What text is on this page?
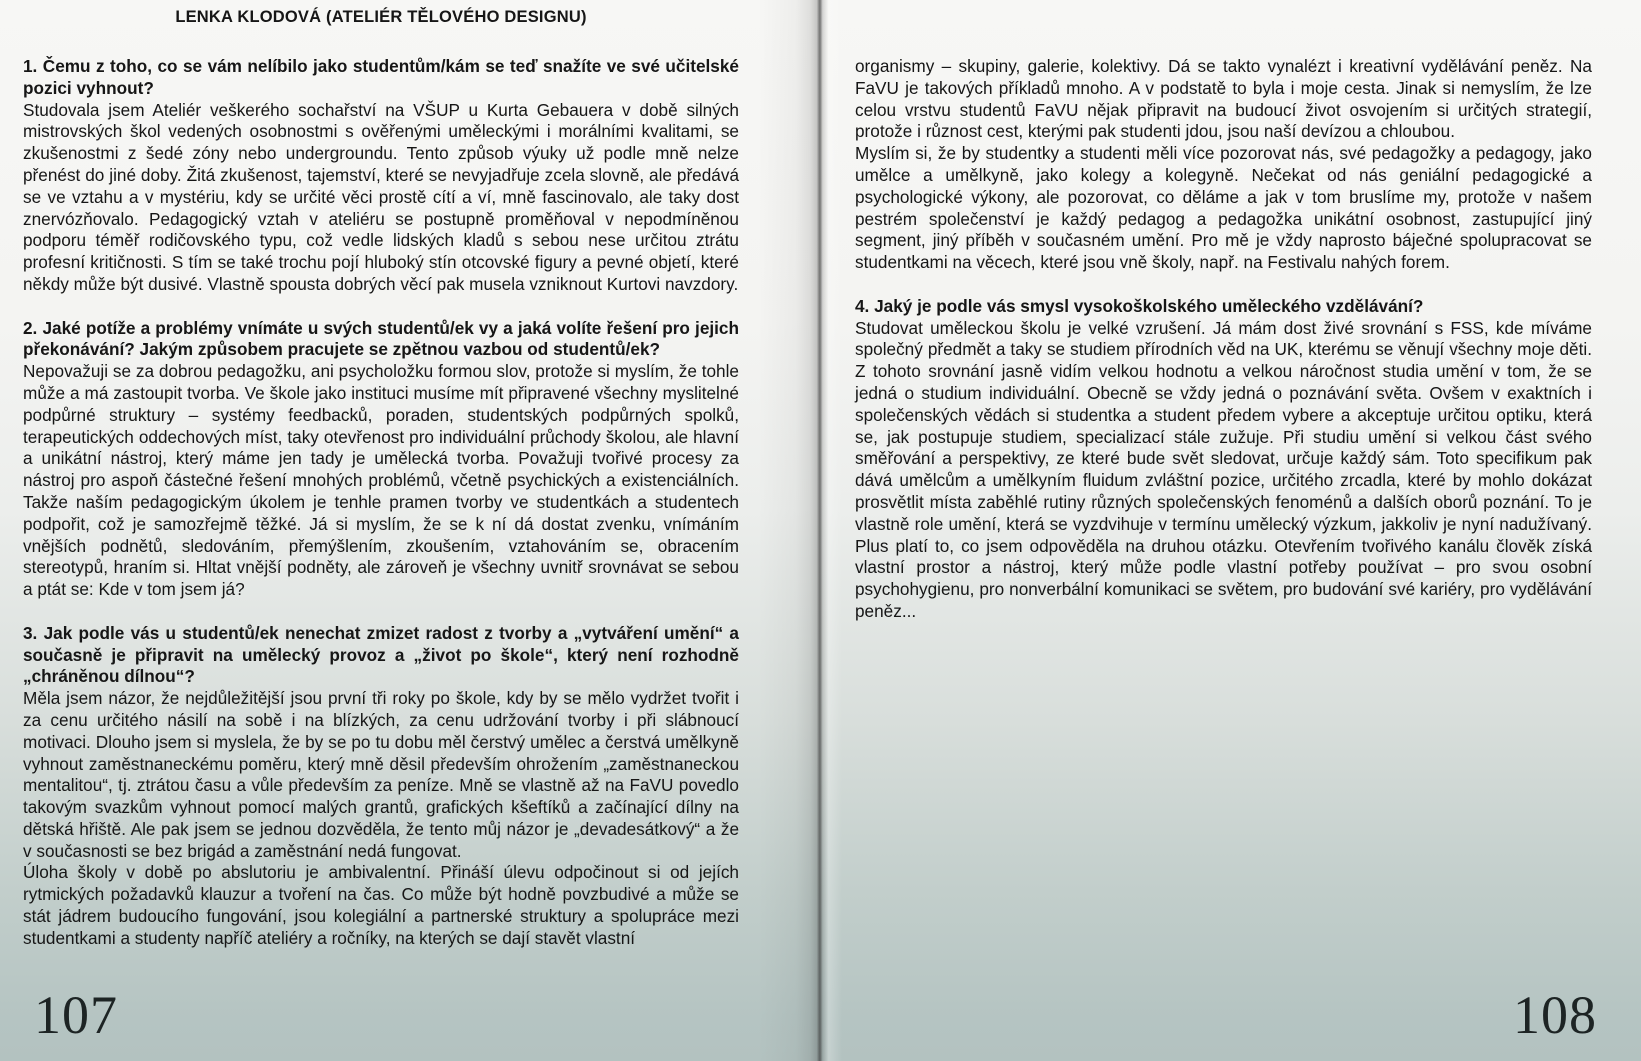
LENKA KLODOVÁ (ATELIÉR TĚLOVÉHO DESIGNU)

1. Čemu z toho, co se vám nelíbilo jako studentům/kám se teď snažíte ve své učitelské pozici vyhnout?

Studovala jsem Ateliér veškerého sochařství na VŠUP u Kurta Gebauera v době silných mistrovských škol vedených osobnostmi s ověřenými uměleckými i morálními kvalitami, se zkušenostmi z šedé zóny nebo undergroundu. Tento způsob výuky už podle mně nelze přenést do jiné doby. Žitá zkušenost, tajemství, které se nevyjadřuje zcela slovně, ale předává se ve vztahu a v mystériu, kdy se určité věci prostě cítí a ví, mně fascinovalo, ale taky dost znervózňovalo. Pedagogický vztah v ateliéru se postupně proměňoval v nepodmíněnou podporu téměř rodičovského typu, což vedle lidských kladů s sebou nese určitou ztrátu profesní kritičnosti. S tím se také trochu pojí hluboký stín otcovské figury a pevné objetí, které někdy může být dusivé. Vlastně spousta dobrých věcí pak musela vzniknout Kurtovi navzdory.

2. Jaké potíže a problémy vnímáte u svých studentů/ek vy a jaká volíte řešení pro jejich překonávání? Jakým způsobem pracujete se zpětnou vazbou od studentů/ek?

Nepovažuji se za dobrou pedagožku, ani psycholožku formou slov, protože si myslím, že tohle může a má zastoupit tvorba. Ve škole jako instituci musíme mít připravené všechny myslitelné podpůrné struktury – systémy feedbacků, poraden, studentských podpůrných spolků, terapeutických oddechových míst, taky otevřenost pro individuální průchody školou, ale hlavní a unikátní nástroj, který máme jen tady je umělecká tvorba. Považuji tvořivé procesy za nástroj pro aspoň částečné řešení mnohých problémů, včetně psychických a existenciálních. Takže naším pedagogickým úkolem je tenhle pramen tvorby ve studentkách a studentech podpořit, což je samozřejmě těžké. Já si myslím, že se k ní dá dostat zvenku, vnímáním vnějších podnětů, sledováním, přemýšlením, zkoušením, vztahováním se, obracením stereotypů, hraním si. Hltat vnější podněty, ale zároveň je všechny uvnitř srovnávat se sebou a ptát se: Kde v tom jsem já?

3. Jak podle vás u studentů/ek nenechat zmizet radost z tvorby a „vytváření umění“ a současně je připravit na umělecký provoz a „život po škole“, který není rozhodně „chráněnou dílnou“?

Měla jsem názor, že nejdůležitější jsou první tři roky po škole, kdy by se mělo vydržet tvořit i za cenu určitého násilí na sobě i na blízkých, za cenu udržování tvorby i při slábnoucí motivaci. Dlouho jsem si myslela, že by se po tu dobu měl čerstvý umělec a čerstvá umělkyně vyhnout zaměstnaneckému poměru, který mně děsil především ohrožením „zaměstnaneckou mentalitou“, tj. ztrátou času a vůle především za peníze. Mně se vlastně až na FaVU povedlo takovým svazkům vyhnout pomocí malých grantů, grafických kšeftíků a začínající dílny na dětská hřiště. Ale pak jsem se jednou dozvěděla, že tento můj názor je „devadesátkový“ a že v současnosti se bez brigád a zaměstnání nedá fungovat.

Úloha školy v době po abslutoriu je ambivalentní. Přináší úlevu odpočinout si od jejích rytmických požadavků klauzur a tvoření na čas. Co může být hodně povzbudivé a může se stát jádrem budoucího fungování, jsou kolegiální a partnerské struktury a spolupráce mezi studentkami a studenty napříč ateliéry a ročníky, na kterých se dají stavět vlastní

organismy – skupiny, galerie, kolektivy. Dá se takto vynalézt i kreativní vydělávání peněz. Na FaVU je takových příkladů mnoho. A v podstatě to byla i moje cesta. Jinak si nemyslím, že lze celou vrstvu studentů FaVU nějak připravit na budoucí život osvojením si určitých strategií, protože i různost cest, kterými pak studenti jdou, jsou naší devízou a chloubou.

Myslím si, že by studentky a studenti měli více pozorovat nás, své pedagožky a pedagogy, jako umělce a umělkyně, jako kolegy a kolegyně. Nečekat od nás geniální pedagogické a psychologické výkony, ale pozorovat, co děláme a jak v tom bruslíme my, protože v našem pestrém společenství je každý pedagog a pedagožka unikátní osobnost, zastupující jiný segment, jiný příběh v současném umění. Pro mě je vždy naprosto báječné spolupracovat se studentkami na věcech, které jsou vně školy, např. na Festivalu nahých forem.

4. Jaký je podle vás smysl vysokoškolského uměleckého vzdělávání?

Studovat uměleckou školu je velké vzrušení. Já mám dost živé srovnání s FSS, kde míváme společný předmět a taky se studiem přírodních věd na UK, kterému se věnují všechny moje děti. Z tohoto srovnání jasně vidím velkou hodnotu a velkou náročnost studia umění v tom, že se jedná o studium individuální. Obecně se vždy jedná o poznávání světa. Ovšem v exaktních i společenských vědách si studentka a student předem vybere a akceptuje určitou optiku, která se, jak postupuje studiem, specializací stále zužuje. Při studiu umění si velkou část svého směřování a perspektivy, ze které bude svět sledovat, určuje každý sám. Toto specifikum pak dává umělcům a umělkyním fluidum zvláštní pozice, určitého zrcadla, které by mohlo dokázat prosvětlit místa zaběhlé rutiny různých společenských fenoménů a dalších oborů poznání. To je vlastně role umění, která se vyzdvihuje v termínu umělecký výzkum, jakkoliv je nyní nadužívaný. Plus platí to, co jsem odpověděla na druhou otázku. Otevřením tvořivého kanálu člověk získá vlastní prostor a nástroj, který může podle vlastní potřeby používat – pro svou osobní psychohygienu, pro nonverbální komunikaci se světem, pro budování své kariéry, pro vydělávání peněz...

107	108
